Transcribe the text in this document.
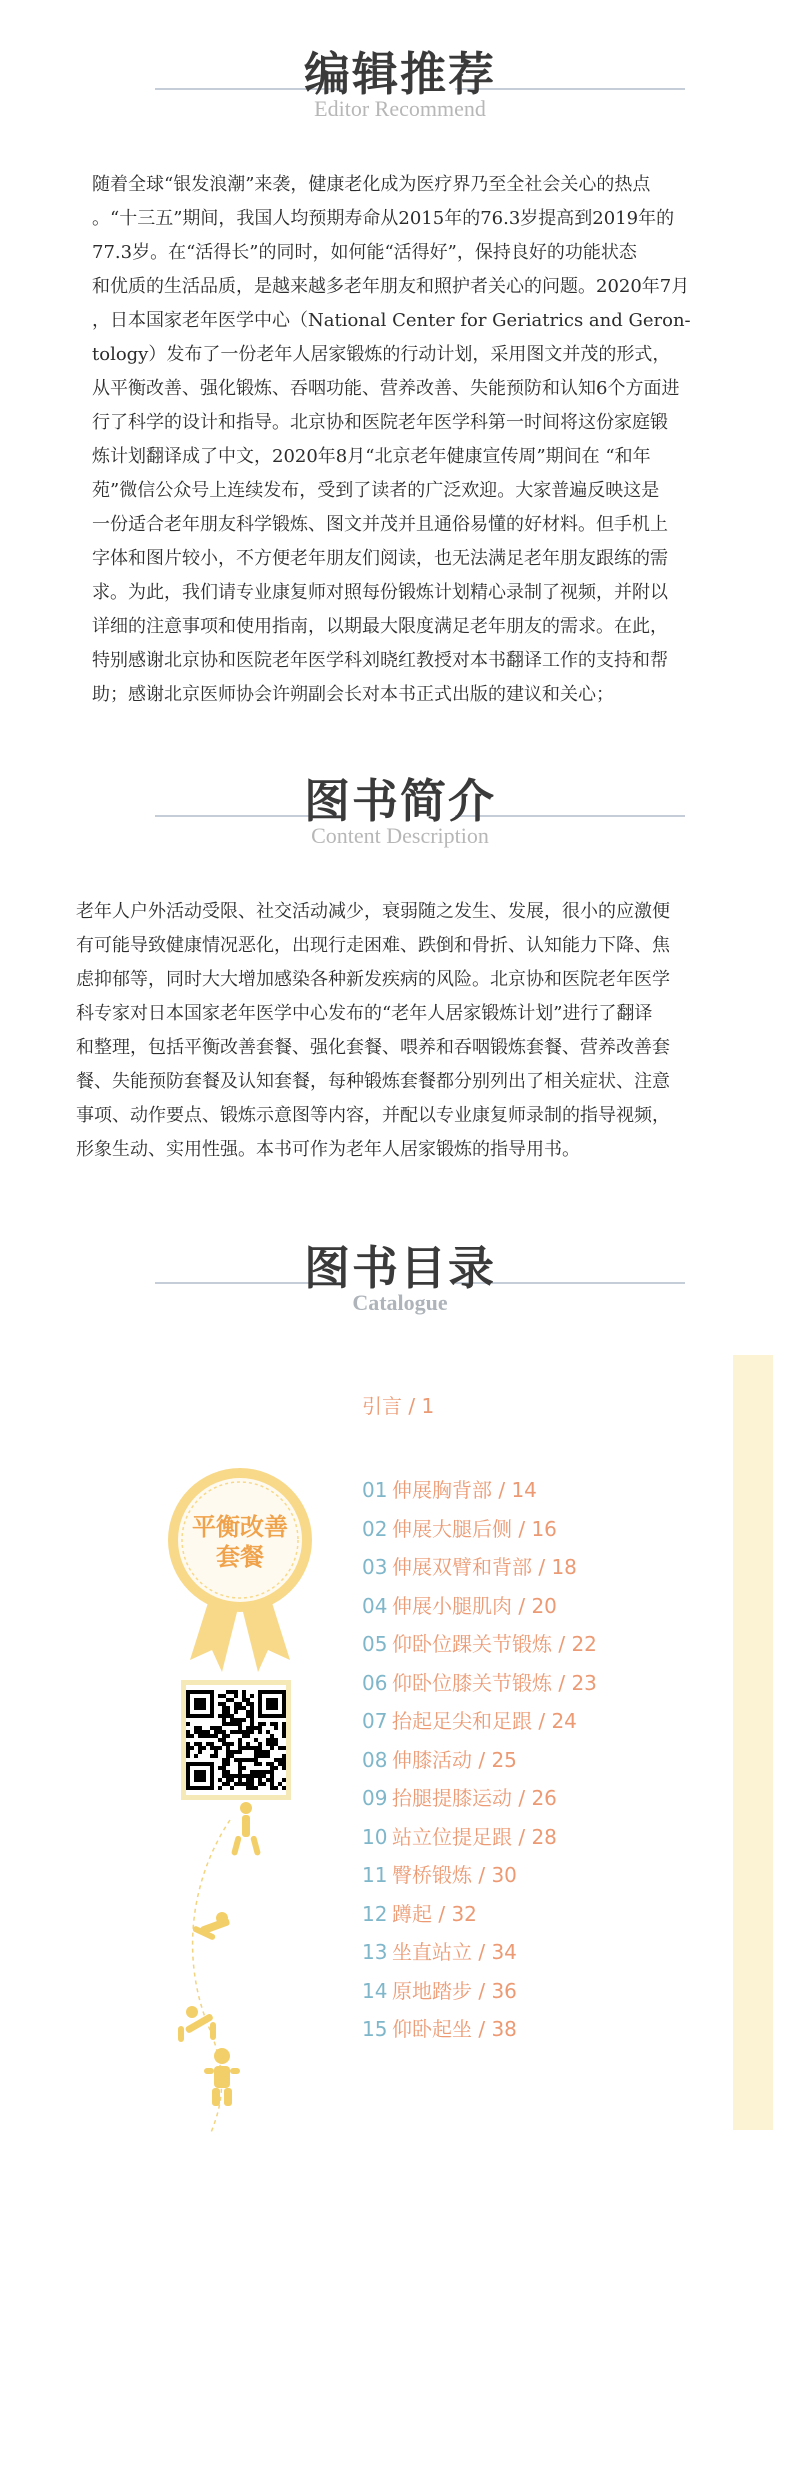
编辑推荐
Editor Recommend

随着全球“银发浪潮”来袭，健康老化成为医疗界乃至全社会关心的热点

。“十三五”期间，我国人均预期寿命从2015年的76.3岁提高到2019年的

77.3岁。在“活得长”的同时，如何能“活得好”，保持良好的功能状态

和优质的生活品质，是越来越多老年朋友和照护者关心的问题。2020年7月

，日本国家老年医学中心（National Center for Geriatrics and Geron-

tology）发布了一份老年人居家锻炼的行动计划，采用图文并茂的形式，

从平衡改善、强化锻炼、吞咽功能、营养改善、失能预防和认知6个方面进

行了科学的设计和指导。北京协和医院老年医学科第一时间将这份家庭锻

炼计划翻译成了中文，2020年8月“北京老年健康宣传周”期间在 “和年

苑”微信公众号上连续发布，受到了读者的广泛欢迎。大家普遍反映这是

一份适合老年朋友科学锻炼、图文并茂并且通俗易懂的好材料。但手机上

字体和图片较小，不方便老年朋友们阅读，也无法满足老年朋友跟练的需

求。为此，我们请专业康复师对照每份锻炼计划精心录制了视频，并附以

详细的注意事项和使用指南，以期最大限度满足老年朋友的需求。在此，

特别感谢北京协和医院老年医学科刘晓红教授对本书翻译工作的支持和帮

助；感谢北京医师协会许朔副会长对本书正式出版的建议和关心；

图书简介
Content Description

老年人户外活动受限、社交活动减少，衰弱随之发生、发展，很小的应激便

有可能导致健康情况恶化，出现行走困难、跌倒和骨折、认知能力下降、焦

虑抑郁等，同时大大增加感染各种新发疾病的风险。北京协和医院老年医学

科专家对日本国家老年医学中心发布的“老年人居家锻炼计划”进行了翻译

和整理，包括平衡改善套餐、强化套餐、喂养和吞咽锻炼套餐、营养改善套

餐、失能预防套餐及认知套餐，每种锻炼套餐都分别列出了相关症状、注意

事项、动作要点、锻炼示意图等内容，并配以专业康复师录制的指导视频，

形象生动、实用性强。本书可作为老年人居家锻炼的指导用书。

图书目录
Catalogue
引言 / 1
平衡改善
套餐
01 伸展胸背部 / 14
02 伸展大腿后侧 / 16
03 伸展双臂和背部 / 18
04 伸展小腿肌肉 / 20
05 仰卧位踝关节锻炼 / 22
06 仰卧位膝关节锻炼 / 23
07 抬起足尖和足跟 / 24
08 伸膝活动 / 25
09 抬腿提膝运动 / 26
10 站立位提足跟 / 28
11 臀桥锻炼 / 30
12 蹲起 / 32
13 坐直站立 / 34
14 原地踏步 / 36
15 仰卧起坐 / 38
